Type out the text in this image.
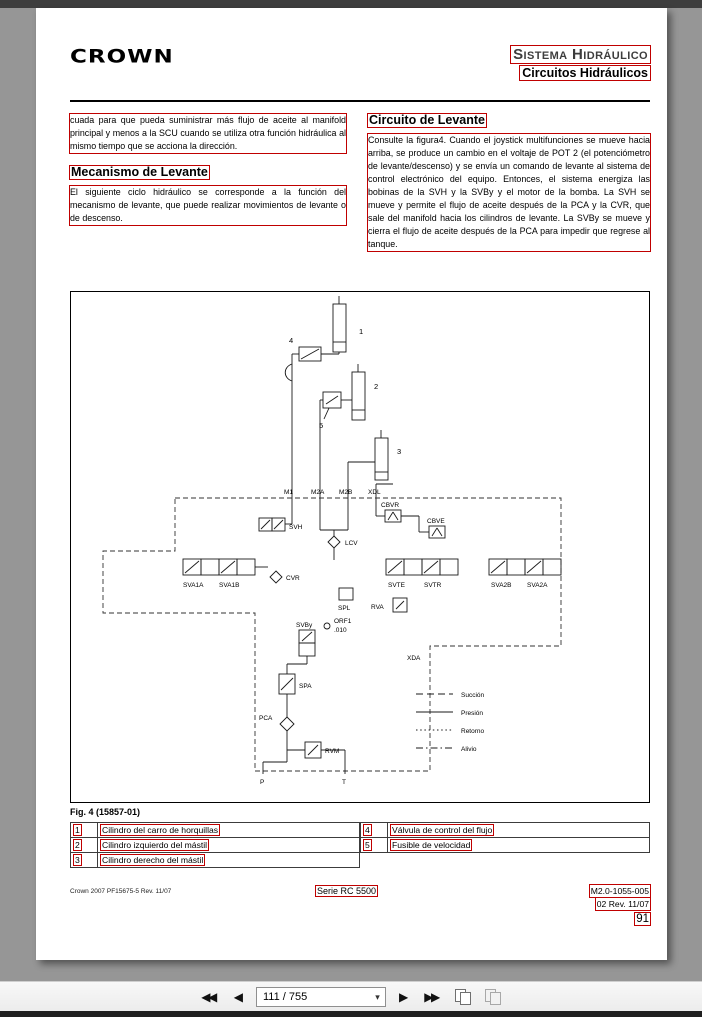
CROWN	Sistema Hidráulico
Circuitos Hidráulicos

cuada para que pueda suministrar más flujo de aceite al manifold principal y menos a la SCU cuando se utiliza otra función hidráulica al mismo tiempo que se acciona la dirección.

Mecanismo de Levante

El siguiente ciclo hidráulico se corresponde a la función del mecanismo de levante, que puede realizar movimientos de levante o de descenso.

Circuito de Levante

Consulte la figura4. Cuando el joystick multifunciones se mueve hacia arriba, se produce un cambio en el voltaje de POT 2 (el potenciómetro de levante/descenso) y se envía un comando de levante al sistema de control electrónico del equipo. Entonces, el sistema energiza las bobinas de la SVH y la SVBy y el motor de la bomba. La SVH se mueve y permite el flujo de aceite después de la PCA y la CVR, que sale del manifold hacia los cilindros de levante. La SVBy se mueve y cierra el flujo de aceite después de la PCA para impedir que regrese al tanque.

1
4
2
5
3
M1	M2A M2B XDL
CBVR
CBVE
SVH
LCV
SVA1A SVA1B
CVR
SVTE	SVTR	SVA2B SVA2A
SPL	RVA
ORF1
.010
SVBy
XDA
SPA
PCA
RVM
P	T
Succión
Presión
Retorno
Alivio
Fig. 4 (15857-01)
1	Cilindro del carro de horquillas
2	Cilindro izquierdo del mástil
3	Cilindro derecho del mástil
4	Válvula de control del flujo
5	Fusible de velocidad
Crown 2007 PF15675-5 Rev. 11/07	Serie RC 5500	M2.0-1055-005
02 Rev. 11/07
91
◀◀	◀
111 / 755	▾	▶ ▶▶
